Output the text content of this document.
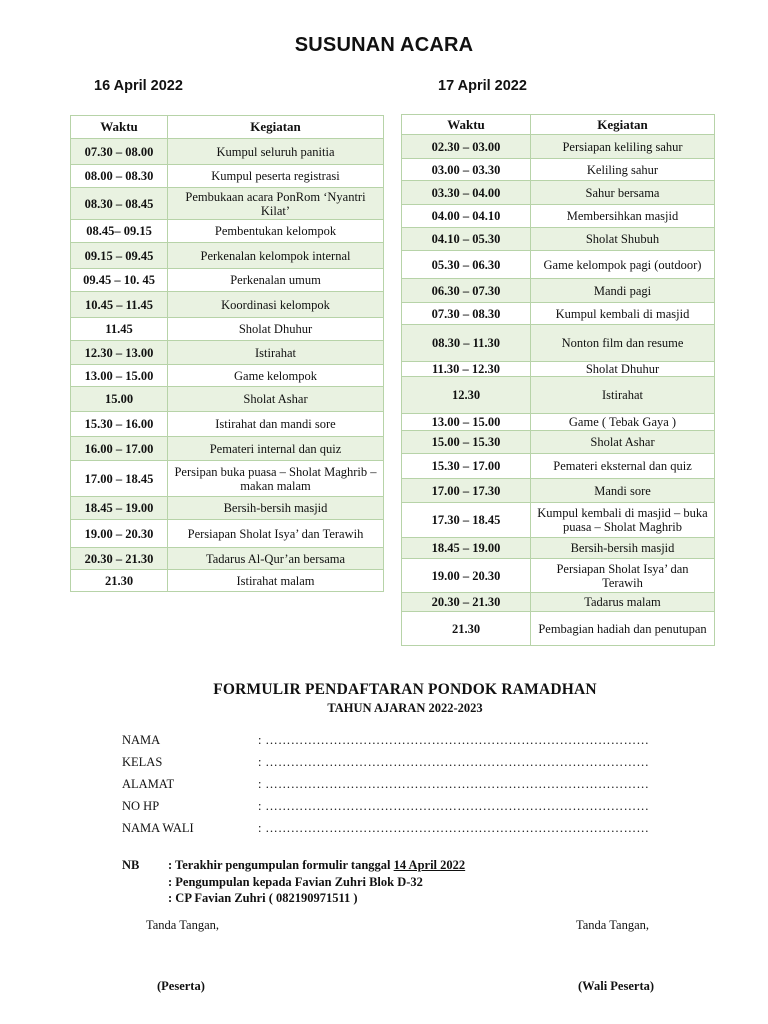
SUSUNAN ACARA
16 April 2022	17 April 2022
Waktu	Kegiatan
07.30 – 08.00	Kumpul seluruh panitia
08.00 – 08.30	Kumpul peserta registrasi
08.30 – 08.45	Pembukaan acara PonRom ‘Nyantri Kilat’
08.45– 09.15	Pembentukan kelompok
09.15 – 09.45	Perkenalan kelompok internal
09.45 – 10. 45	Perkenalan umum
10.45 – 11.45	Koordinasi kelompok
11.45	Sholat Dhuhur
12.30 – 13.00	Istirahat
13.00 – 15.00	Game kelompok
15.00	Sholat Ashar
15.30 – 16.00	Istirahat dan mandi sore
16.00 – 17.00	Pemateri internal dan quiz
17.00 – 18.45	Persipan buka puasa – Sholat Maghrib – makan malam
18.45 – 19.00	Bersih-bersih masjid
19.00 – 20.30	Persiapan Sholat Isya’ dan Terawih
20.30 – 21.30	Tadarus Al-Qur’an bersama
21.30	Istirahat malam
Waktu	Kegiatan
02.30 – 03.00	Persiapan keliling sahur
03.00 – 03.30	Keliling sahur
03.30 – 04.00	Sahur bersama
04.00 – 04.10	Membersihkan masjid
04.10 – 05.30	Sholat Shubuh
05.30 – 06.30	Game kelompok pagi (outdoor)
06.30 – 07.30	Mandi pagi
07.30 – 08.30	Kumpul kembali di masjid
08.30 – 11.30	Nonton film dan resume
11.30 – 12.30	Sholat Dhuhur
12.30	Istirahat
13.00 – 15.00	Game ( Tebak Gaya )
15.00 – 15.30	Sholat Ashar
15.30 – 17.00	Pemateri eksternal dan quiz
17.00 – 17.30	Mandi sore
17.30 – 18.45	Kumpul kembali di masjid – buka puasa – Sholat Maghrib
18.45 – 19.00	Bersih-bersih masjid
19.00 – 20.30	Persiapan Sholat Isya’ dan Terawih
20.30 – 21.30	Tadarus malam
21.30	Pembagian hadiah dan penutupan
FORMULIR PENDAFTARAN PONDOK RAMADHAN
TAHUN AJARAN 2022-2023
NAMA	: ………………………………………………………………………………
KELAS	: ………………………………………………………………………………
ALAMAT	: ………………………………………………………………………………
NO HP	: ………………………………………………………………………………
NAMA WALI	: ………………………………………………………………………………
NB : Terakhir pengumpulan formulir tanggal 14 April 2022
: Pengumpulan kepada Favian Zuhri Blok D-32
: CP Favian Zuhri ( 082190971511 )
Tanda Tangan,	Tanda Tangan,
(Peserta)	(Wali Peserta)
